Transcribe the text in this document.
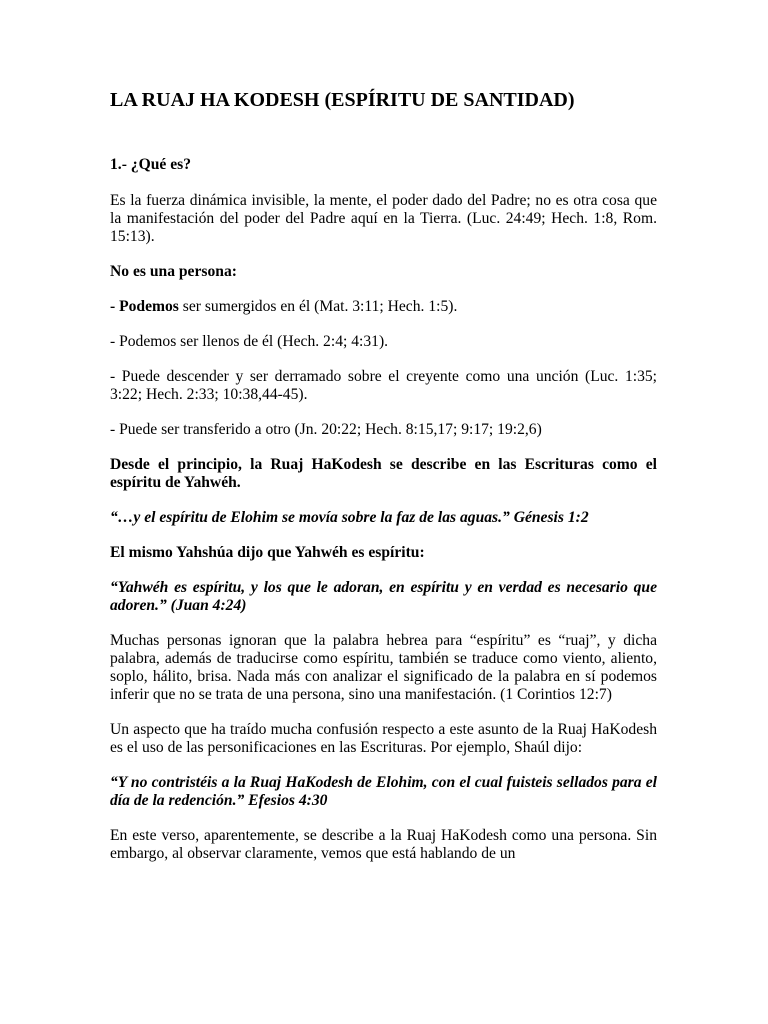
LA RUAJ HA KODESH (ESPÍRITU DE SANTIDAD)

1.- ¿Qué es?

Es la fuerza dinámica invisible, la mente, el poder dado del Padre; no es otra cosa que la manifestación del poder del Padre aquí en la Tierra. (Luc. 24:49; Hech. 1:8, Rom. 15:13).

No es una persona:

- Podemos ser sumergidos en él (Mat. 3:11; Hech. 1:5).

- Podemos ser llenos de él (Hech. 2:4; 4:31).

- Puede descender y ser derramado sobre el creyente como una unción (Luc. 1:35; 3:22; Hech. 2:33; 10:38,44-45).

- Puede ser transferido a otro (Jn. 20:22; Hech. 8:15,17; 9:17; 19:2,6)

Desde el principio, la Ruaj HaKodesh se describe en las Escrituras como el espíritu de Yahwéh.

“…y el espíritu de Elohim se movía sobre la faz de las aguas.” Génesis 1:2

El mismo Yahshúa dijo que Yahwéh es espíritu:

“Yahwéh es espíritu, y los que le adoran, en espíritu y en verdad es necesario que adoren.” (Juan 4:24)

Muchas personas ignoran que la palabra hebrea para “espíritu” es “ruaj”, y dicha palabra, además de traducirse como espíritu, también se traduce como viento, aliento, soplo, hálito, brisa. Nada más con analizar el significado de la palabra en sí podemos inferir que no se trata de una persona, sino una manifestación. (1 Corintios 12:7)

Un aspecto que ha traído mucha confusión respecto a este asunto de la Ruaj HaKodesh es el uso de las personificaciones en las Escrituras. Por ejemplo, Shaúl dijo:

“Y no contristéis a la Ruaj HaKodesh de Elohim, con el cual fuisteis sellados para el día de la redención.” Efesios 4:30

En este verso, aparentemente, se describe a la Ruaj HaKodesh como una persona. Sin embargo, al observar claramente, vemos que está hablando de un
